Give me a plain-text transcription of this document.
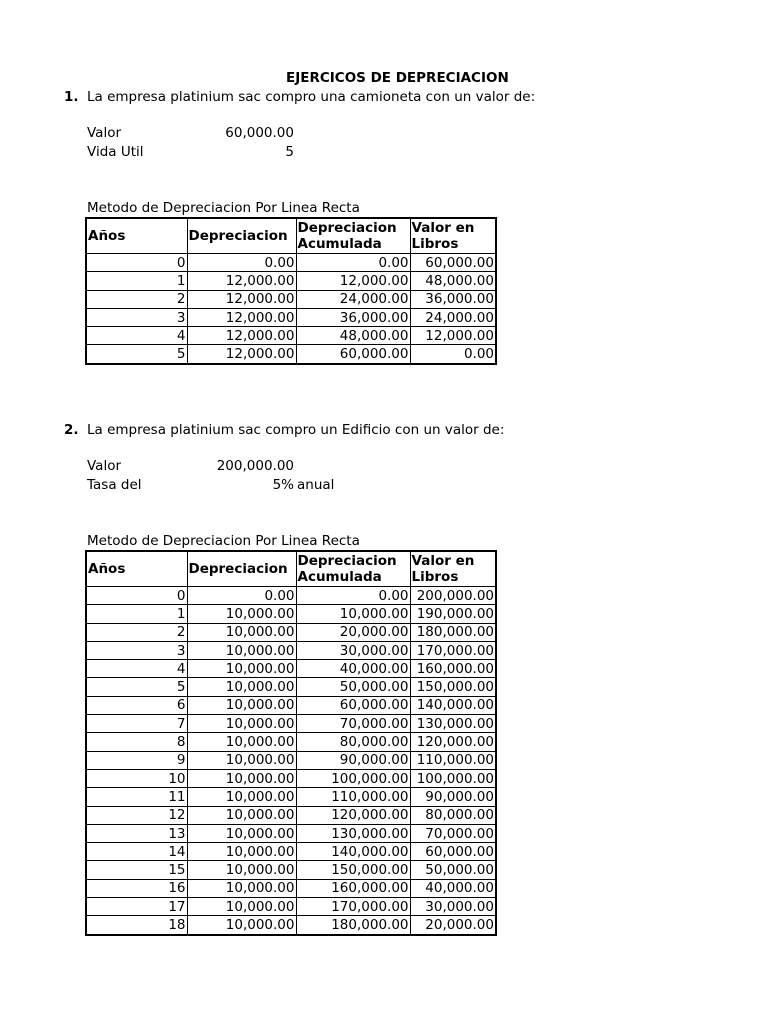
EJERCICOS DE DEPRECIACION
1. La empresa platinium sac compro una camioneta con un valor de:
Valor	60,000.00
Vida Util	5
Metodo de Depreciacion Por Linea Recta
Años	Depreciacion	Depreciacion Acumulada	Valor en Libros
0	0.00	0.00	60,000.00
1	12,000.00	12,000.00	48,000.00
2	12,000.00	24,000.00	36,000.00
3	12,000.00	36,000.00	24,000.00
4	12,000.00	48,000.00	12,000.00
5	12,000.00	60,000.00	0.00
2. La empresa platinium sac compro un Edificio con un valor de:
Valor	200,000.00
Tasa del	5% anual
Metodo de Depreciacion Por Linea Recta
Años	Depreciacion	Depreciacion Acumulada	Valor en Libros
0	0.00	0.00	200,000.00
1	10,000.00	10,000.00	190,000.00
2	10,000.00	20,000.00	180,000.00
3	10,000.00	30,000.00	170,000.00
4	10,000.00	40,000.00	160,000.00
5	10,000.00	50,000.00	150,000.00
6	10,000.00	60,000.00	140,000.00
7	10,000.00	70,000.00	130,000.00
8	10,000.00	80,000.00	120,000.00
9	10,000.00	90,000.00	110,000.00
10	10,000.00	100,000.00	100,000.00
11	10,000.00	110,000.00	90,000.00
12	10,000.00	120,000.00	80,000.00
13	10,000.00	130,000.00	70,000.00
14	10,000.00	140,000.00	60,000.00
15	10,000.00	150,000.00	50,000.00
16	10,000.00	160,000.00	40,000.00
17	10,000.00	170,000.00	30,000.00
18	10,000.00	180,000.00	20,000.00
